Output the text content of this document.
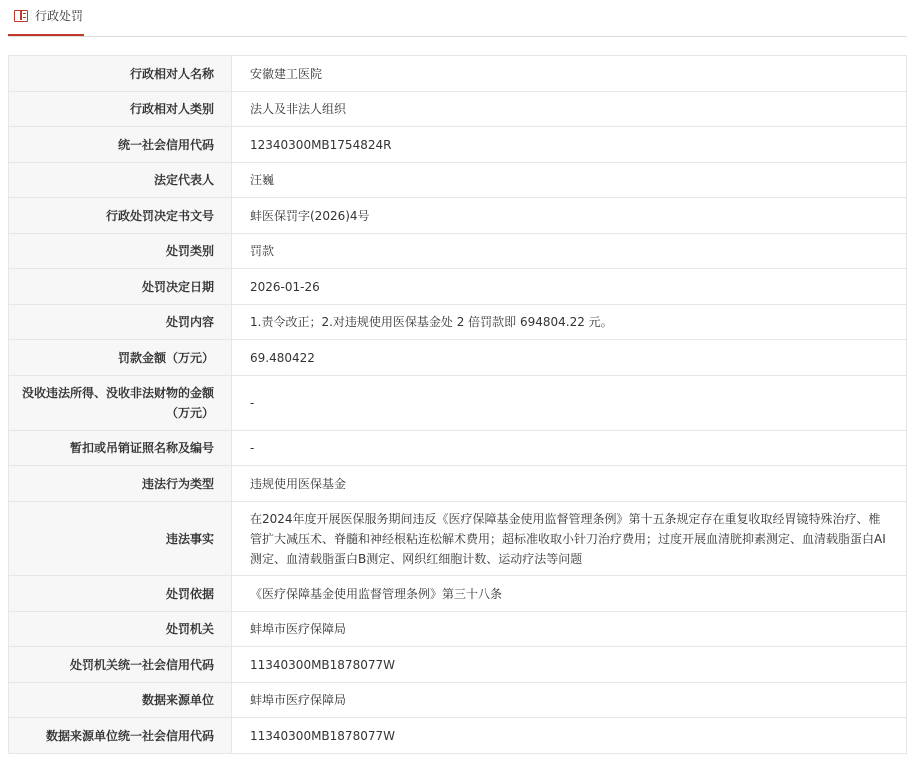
行政处罚
行政相对人名称	安徽建工医院
行政相对人类别	法人及非法人组织
统一社会信用代码	12340300MB1754824R
法定代表人	汪巍
行政处罚决定书文号	蚌医保罚字(2026)4号
处罚类别	罚款
处罚决定日期	2026-01-26
处罚内容	1.责令改正；2.对违规使用医保基金处 2 倍罚款即 694804.22 元。
罚款金额（万元）	69.480422
没收违法所得、没收非法财物的金额（万元）	-
暂扣或吊销证照名称及编号	-
违法行为类型	违规使用医保基金
违法事实	在2024年度开展医保服务期间违反《医疗保障基金使用监督管理条例》第十五条规定存在重复收取经胃镜特殊治疗、椎管扩大减压术、脊髓和神经根粘连松解术费用；超标准收取小针刀治疗费用；过度开展血清胱抑素测定、血清载脂蛋白AI测定、血清载脂蛋白B测定、网织红细胞计数、运动疗法等问题
处罚依据	《医疗保障基金使用监督管理条例》第三十八条
处罚机关	蚌埠市医疗保障局
处罚机关统一社会信用代码	11340300MB1878077W
数据来源单位	蚌埠市医疗保障局
数据来源单位统一社会信用代码	11340300MB1878077W
